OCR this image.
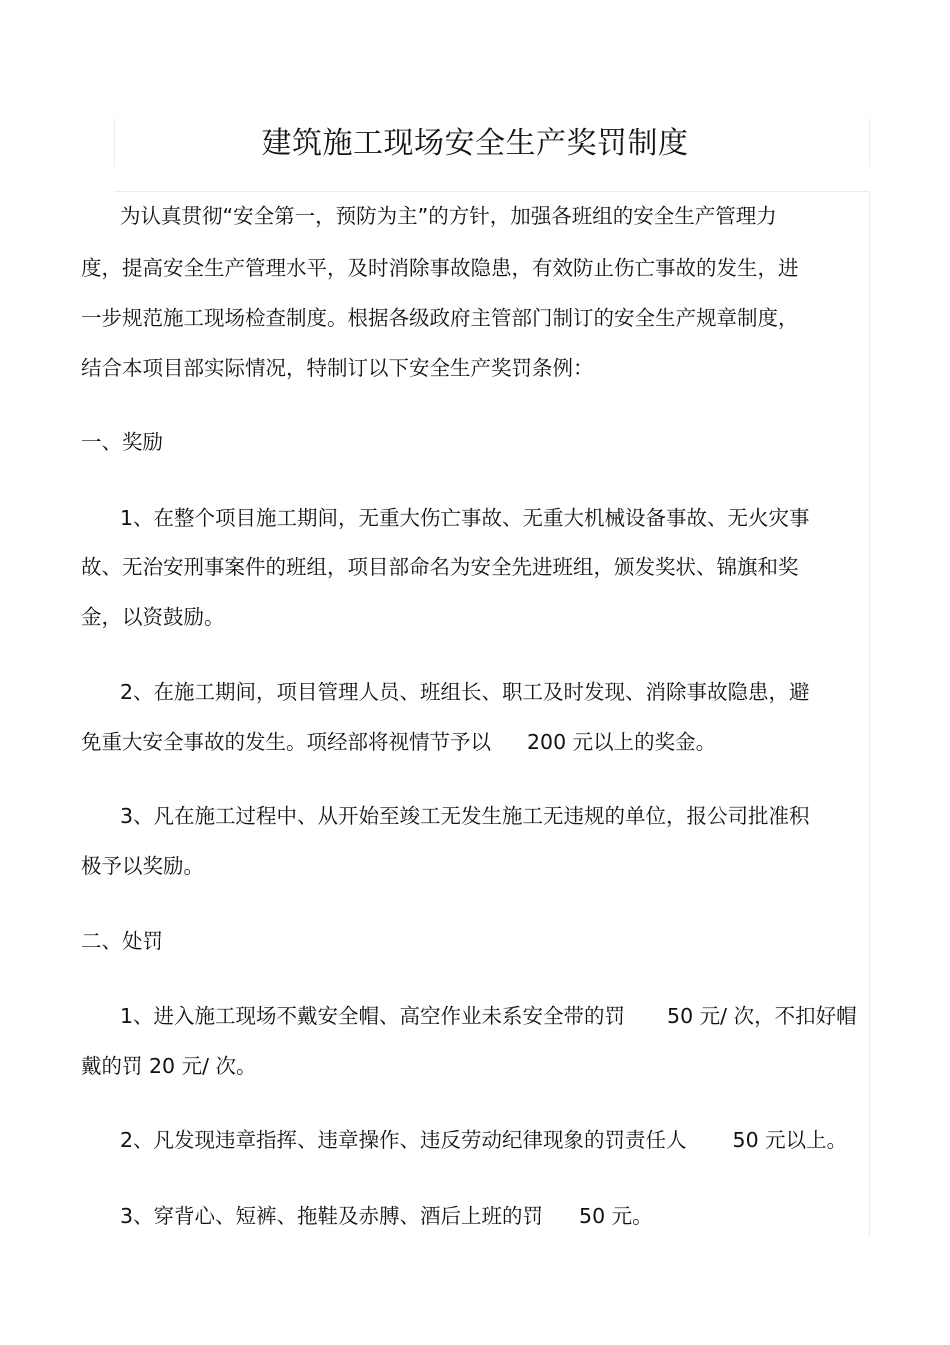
建筑施工现场安全生产奖罚制度
为认真贯彻“安全第一，预防为主”的方针，加强各班组的安全生产管理力
度，提高安全生产管理水平，及时消除事故隐患，有效防止伤亡事故的发生，进
一步规范施工现场检查制度。根据各级政府主管部门制订的安全生产规章制度，
结合本项目部实际情况，特制订以下安全生产奖罚条例：
一、奖励
1、在整个项目施工期间，无重大伤亡事故、无重大机械设备事故、无火灾事
故、无治安刑事案件的班组，项目部命名为安全先进班组，颁发奖状、锦旗和奖
金，以资鼓励。
2、在施工期间，项目管理人员、班组长、职工及时发现、消除事故隐患，避
免重大安全事故的发生。项经部将视情节予以 200 元以上的奖金。
3、凡在施工过程中、从开始至竣工无发生施工无违规的单位，报公司批准积
极予以奖励。
二、处罚
1、进入施工现场不戴安全帽、高空作业未系安全带的罚 50 元/ 次，不扣好帽
戴的罚 20 元/ 次。
2、凡发现违章指挥、违章操作、违反劳动纪律现象的罚责任人 50 元以上。
3、穿背心、短裤、拖鞋及赤膊、酒后上班的罚 50 元。
